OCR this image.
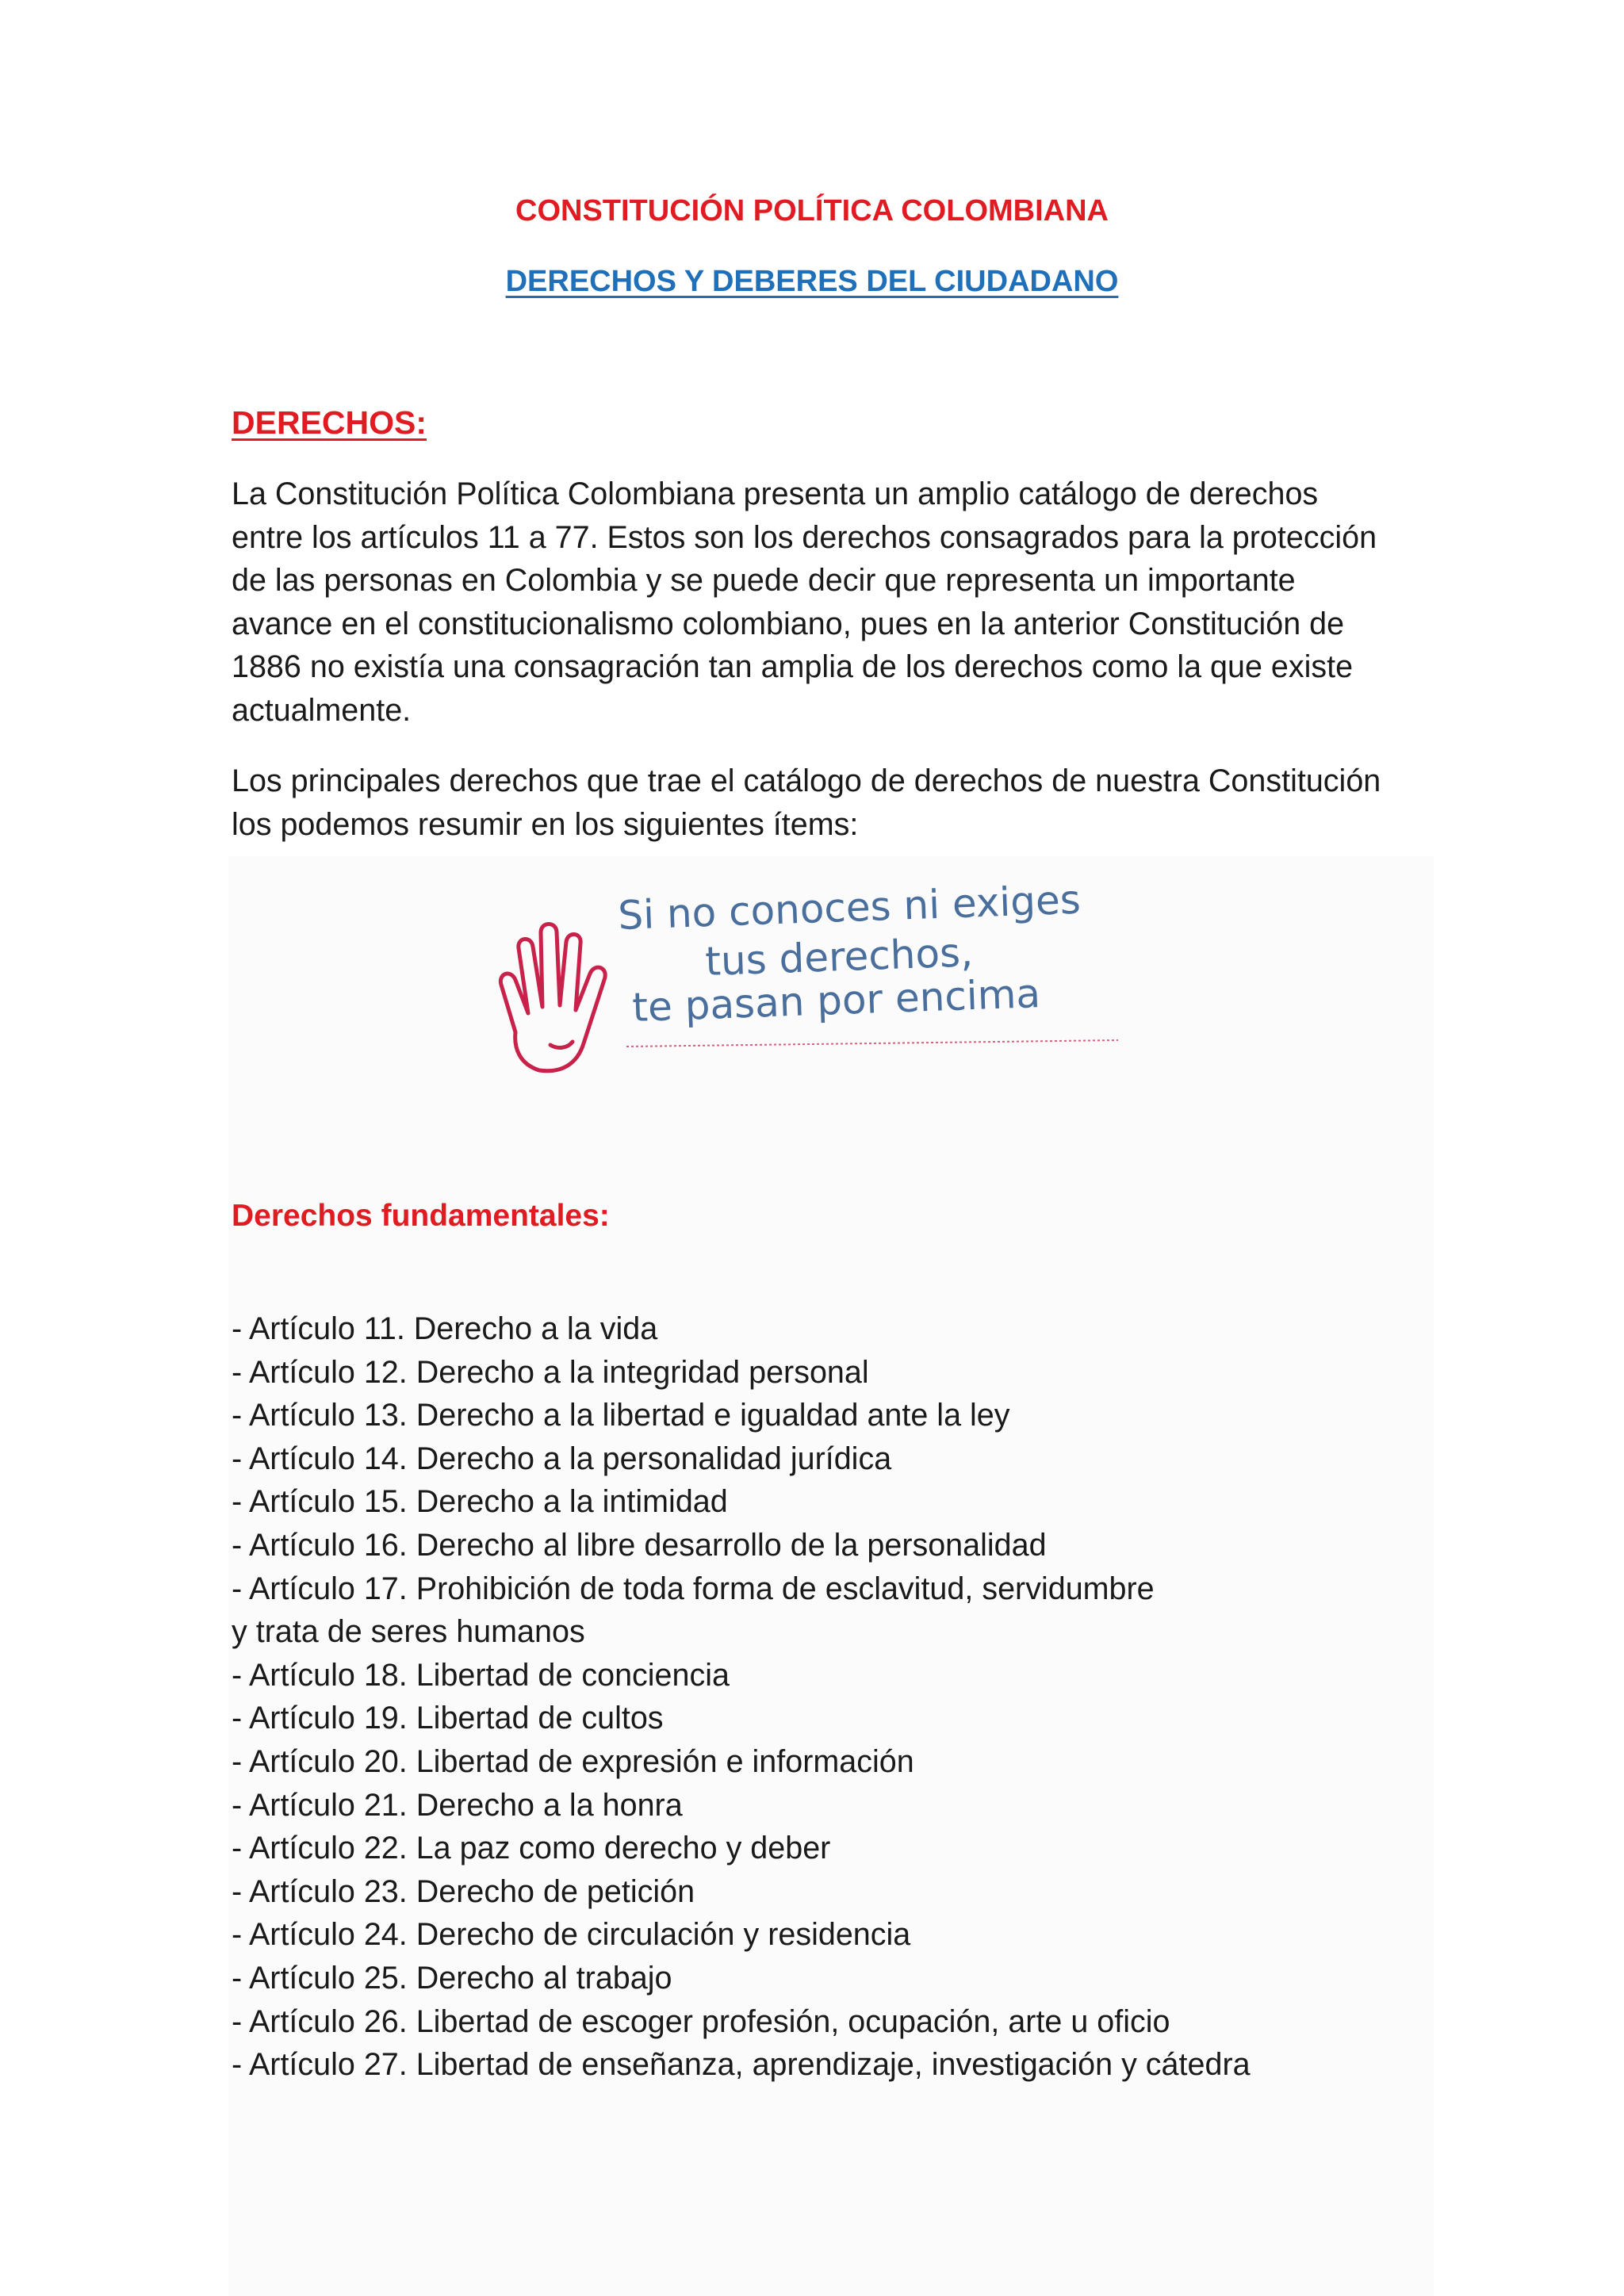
CONSTITUCIÓN POLÍTICA COLOMBIANA
DERECHOS Y DEBERES DEL CIUDADANO
DERECHOS:

La Constitución Política Colombiana presenta un amplio catálogo de derechos entre los artículos 11 a 77. Estos son los derechos consagrados para la protección de las personas en Colombia y se puede decir que representa un importante avance en el constitucionalismo colombiano, pues en la anterior Constitución de 1886 no existía una consagración tan amplia de los derechos como la que existe actualmente.

Los principales derechos que trae el catálogo de derechos de nuestra Constitución los podemos resumir en los siguientes ítems:

Si no conoces ni exiges
tus derechos,
te pasan por encima
Derechos fundamentales:
- Artículo 11. Derecho a la vida
- Artículo 12. Derecho a la integridad personal
- Artículo 13. Derecho a la libertad e igualdad ante la ley
- Artículo 14. Derecho a la personalidad jurídica
- Artículo 15. Derecho a la intimidad
- Artículo 16. Derecho al libre desarrollo de la personalidad
- Artículo 17. Prohibición de toda forma de esclavitud, servidumbre
y trata de seres humanos
- Artículo 18. Libertad de conciencia
- Artículo 19. Libertad de cultos
- Artículo 20. Libertad de expresión e información
- Artículo 21. Derecho a la honra
- Artículo 22. La paz como derecho y deber
- Artículo 23. Derecho de petición
- Artículo 24. Derecho de circulación y residencia
- Artículo 25. Derecho al trabajo
- Artículo 26. Libertad de escoger profesión, ocupación, arte u oficio
- Artículo 27. Libertad de enseñanza, aprendizaje, investigación y cátedra
